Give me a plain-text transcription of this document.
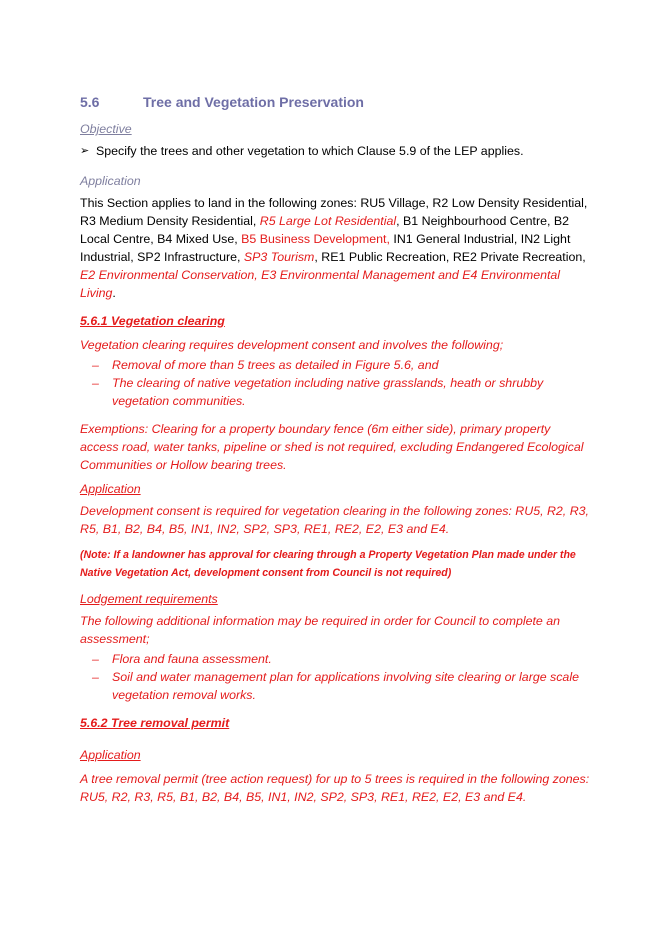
5.6	Tree and Vegetation Preservation

Objective

➢ Specify the trees and other vegetation to which Clause 5.9 of the LEP applies.

Application

This Section applies to land in the following zones: RU5 Village, R2 Low Density Residential, R3 Medium Density Residential, R5 Large Lot Residential, B1 Neighbourhood Centre, B2 Local Centre, B4 Mixed Use, B5 Business Development, IN1 General Industrial, IN2 Light Industrial, SP2 Infrastructure, SP3 Tourism, RE1 Public Recreation, RE2 Private Recreation, E2 Environmental Conservation, E3 Environmental Management and E4 Environmental Living.

5.6.1 Vegetation clearing

Vegetation clearing requires development consent and involves the following;

–	Removal of more than 5 trees as detailed in Figure 5.6, and
–	The clearing of native vegetation including native grasslands, heath or shrubby vegetation communities.

Exemptions: Clearing for a property boundary fence (6m either side), primary property access road, water tanks, pipeline or shed is not required, excluding Endangered Ecological Communities or Hollow bearing trees.

Application

Development consent is required for vegetation clearing in the following zones: RU5, R2, R3, R5, B1, B2, B4, B5, IN1, IN2, SP2, SP3, RE1, RE2, E2, E3 and E4.

(Note: If a landowner has approval for clearing through a Property Vegetation Plan made under the Native Vegetation Act, development consent from Council is not required)

Lodgement requirements

The following additional information may be required in order for Council to complete an assessment;

–	Flora and fauna assessment.
–	Soil and water management plan for applications involving site clearing or large scale vegetation removal works.

5.6.2 Tree removal permit

Application

A tree removal permit (tree action request) for up to 5 trees is required in the following zones: RU5, R2, R3, R5, B1, B2, B4, B5, IN1, IN2, SP2, SP3, RE1, RE2, E2, E3 and E4.
